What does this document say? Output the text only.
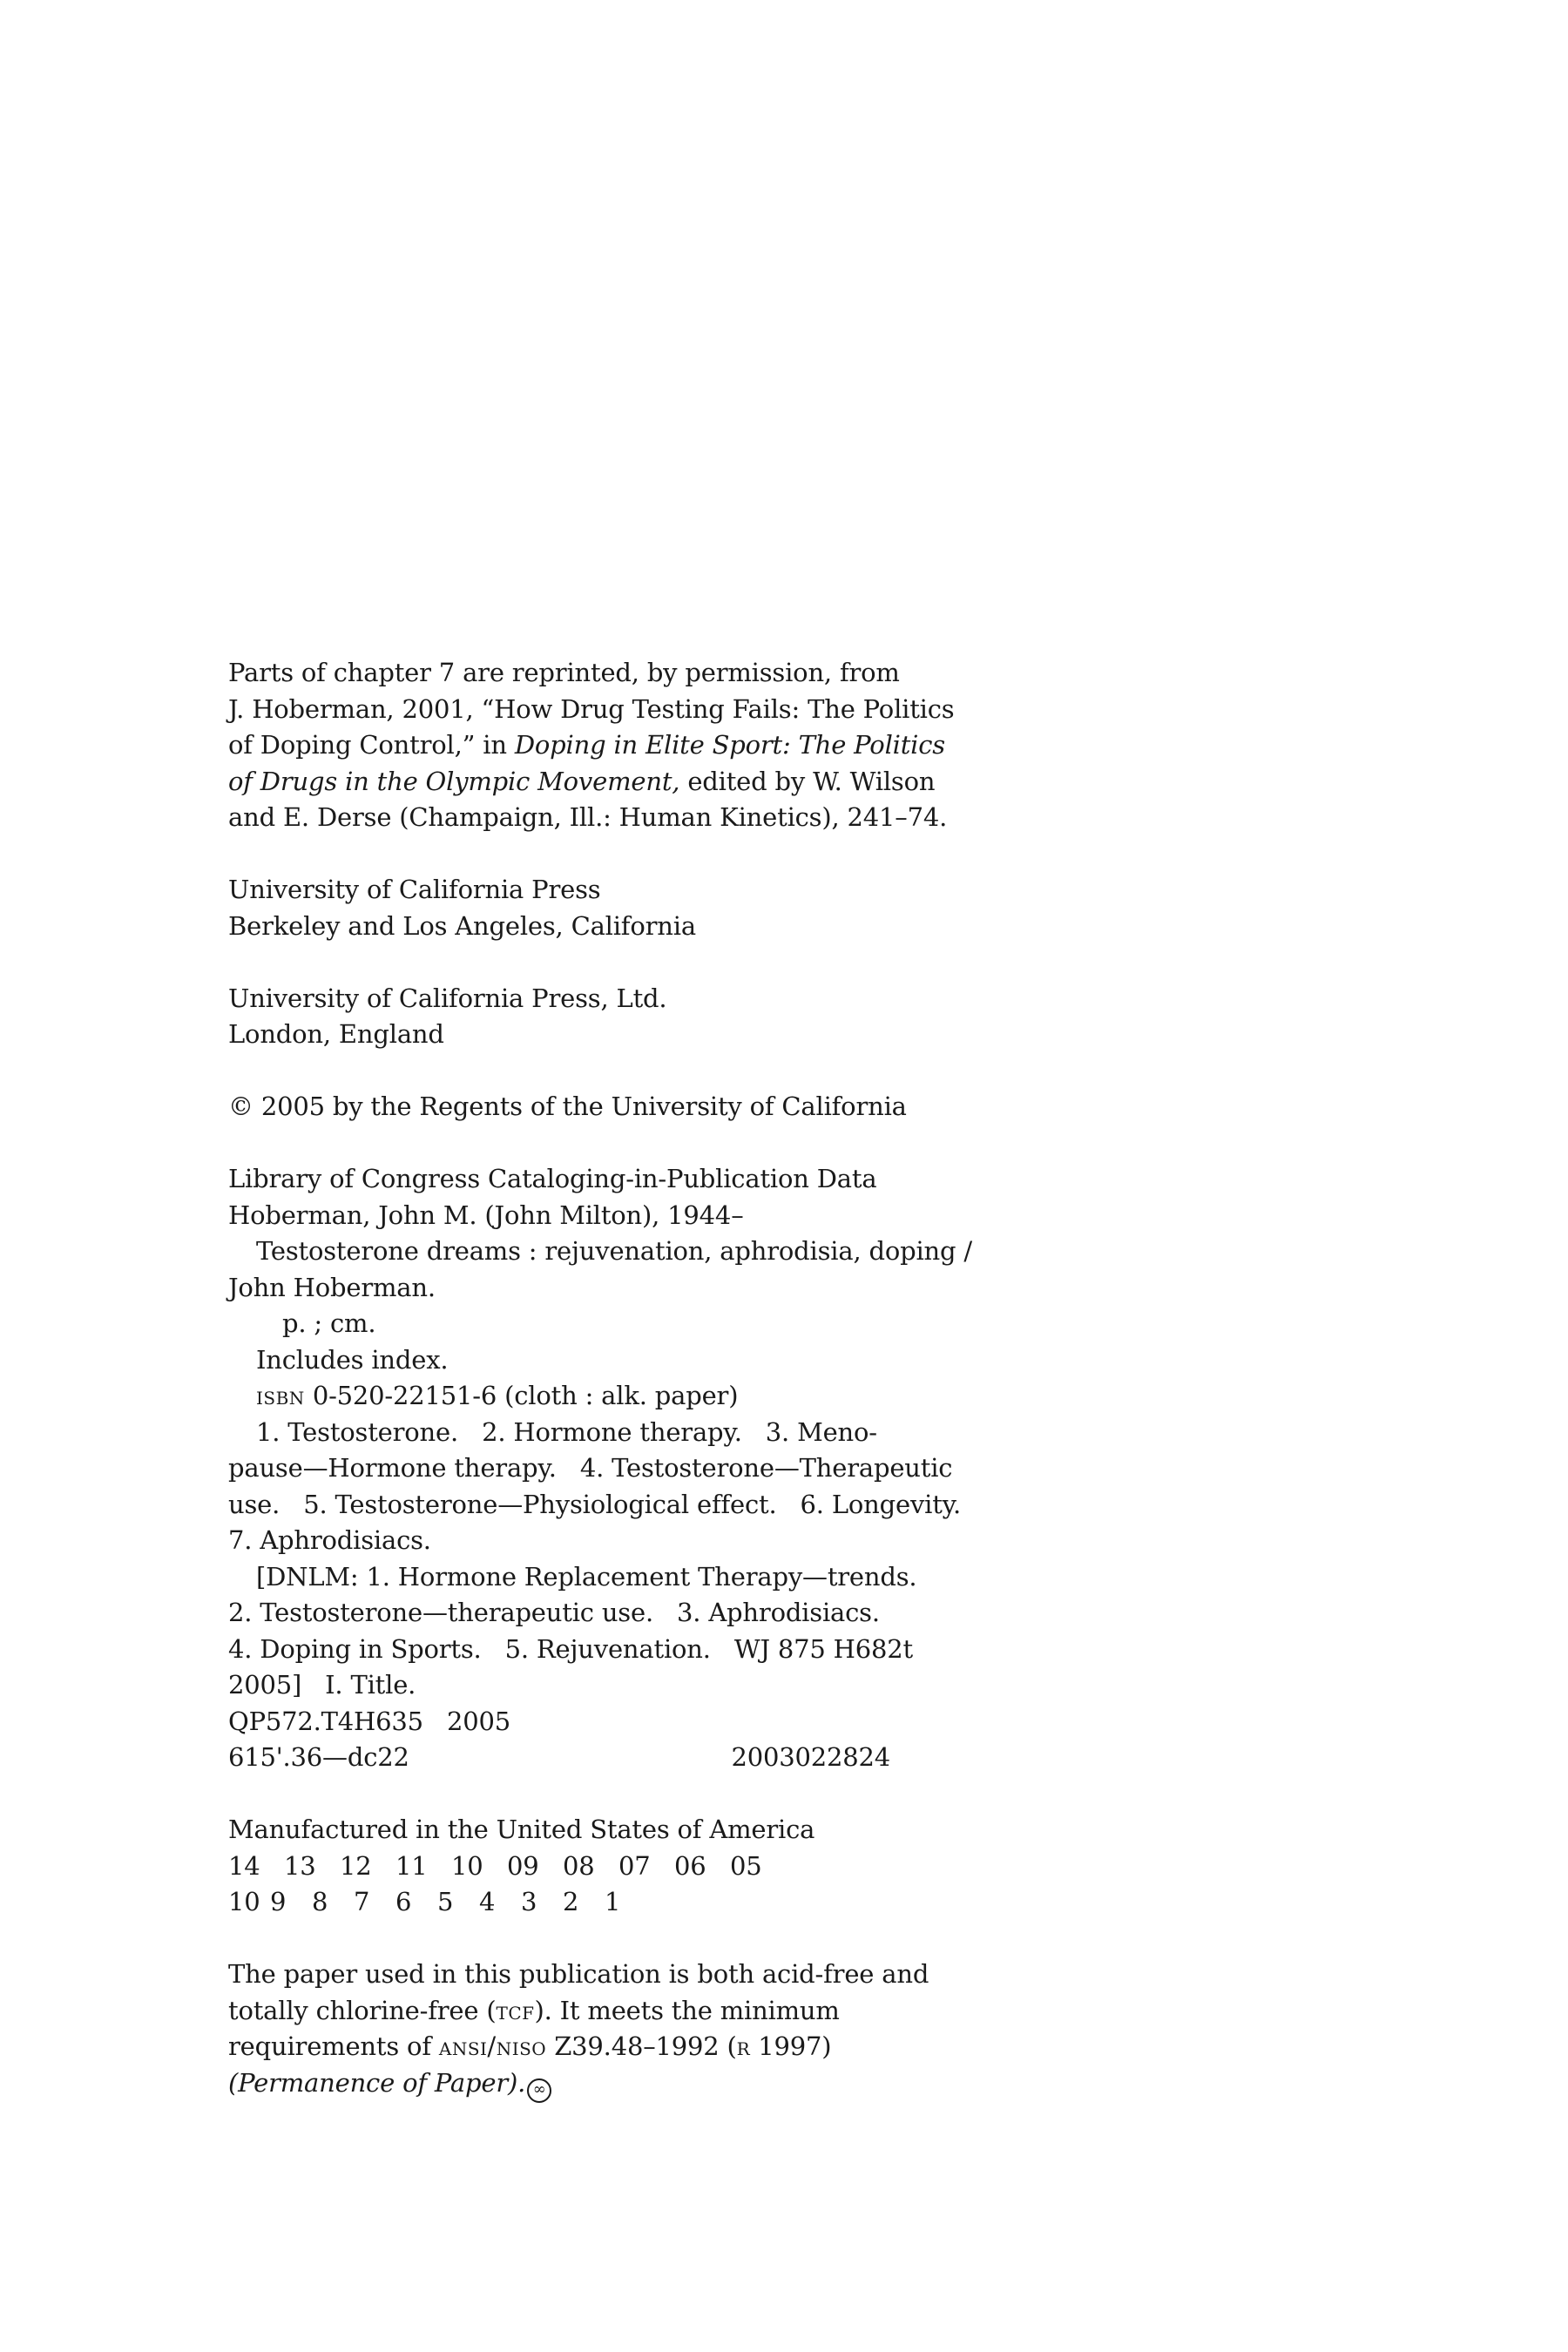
Parts of chapter 7 are reprinted, by permission, from
J. Hoberman, 2001, “How Drug Testing Fails: The Politics
of Doping Control,” in Doping in Elite Sport: The Politics
of Drugs in the Olympic Movement, edited by W. Wilson
and E. Derse (Champaign, Ill.: Human Kinetics), 241–74.
University of California Press
Berkeley and Los Angeles, California
University of California Press, Ltd.
London, England
© 2005 by the Regents of the University of California
Library of Congress Cataloging-in-Publication Data
Hoberman, John M. (John Milton), 1944–
Testosterone dreams : rejuvenation, aphrodisia, doping /
John Hoberman.
p. ; cm.
Includes index.
isbn 0-520-22151-6 (cloth : alk. paper)
1. Testosterone.   2. Hormone therapy.   3. Meno-
pause—Hormone therapy.   4. Testosterone—Therapeutic
use.   5. Testosterone—Physiological effect.   6. Longevity.
7. Aphrodisiacs.
[DNLM: 1. Hormone Replacement Therapy—trends.
2. Testosterone—therapeutic use.   3. Aphrodisiacs.
4. Doping in Sports.   5. Rejuvenation.   WJ 875 H682t
2005]   I. Title.
QP572.T4H635   2005
615'.36—dc22	2003022824
Manufactured in the United States of America
14 13 12 11 10 09 08 07 06 05
10 9	8	7	6	5	4	3	2	1
The paper used in this publication is both acid-free and
totally chlorine-free (tcf). It meets the minimum
requirements of ansi/niso Z39.48–1992 (r 1997)
(Permanence of Paper). ∞
